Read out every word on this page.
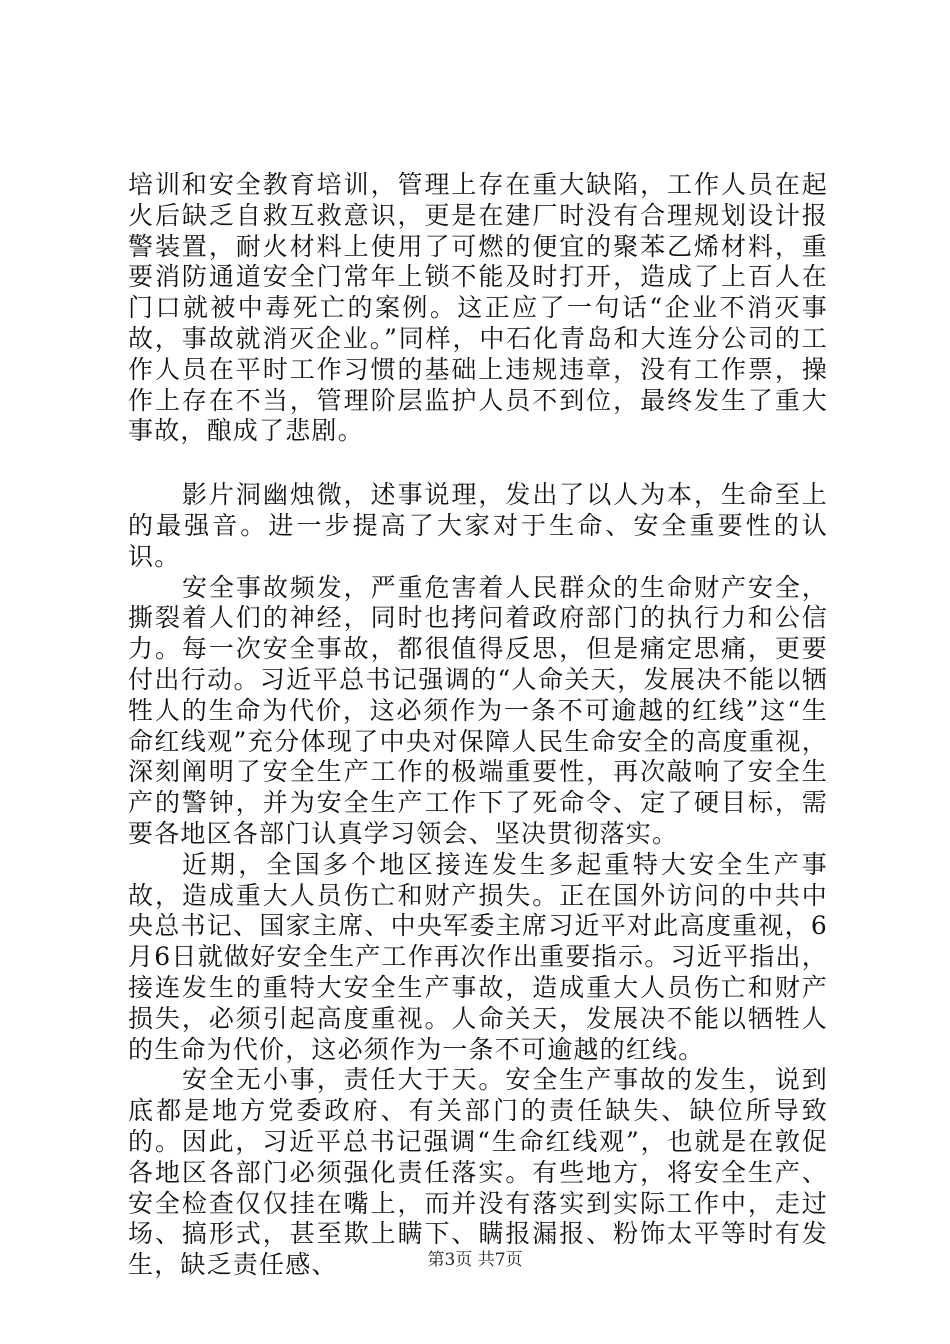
培训和安全教育培训，管理上存在重大缺陷，工作人员在起火后缺乏自救互救意识，更是在建厂时没有合理规划设计报警装置，耐火材料上使用了可燃的便宜的聚苯乙烯材料，重要消防通道安全门常年上锁不能及时打开，造成了上百人在门口就被中毒死亡的案例。这正应了一句话“企业不消灭事故，事故就消灭企业。”同样，中石化青岛和大连分公司的工作人员在平时工作习惯的基础上违规违章，没有工作票，操作上存在不当，管理阶层监护人员不到位，最终发生了重大事故，酿成了悲剧。

影片洞幽烛微，述事说理，发出了以人为本，生命至上的最强音。进一步提高了大家对于生命、安全重要性的认识。

安全事故频发，严重危害着人民群众的生命财产安全，撕裂着人们的神经，同时也拷问着政府部门的执行力和公信力。每一次安全事故，都很值得反思，但是痛定思痛，更要付出行动。习近平总书记强调的“人命关天，发展决不能以牺牲人的生命为代价，这必须作为一条不可逾越的红线”这“生命红线观”充分体现了中央对保障人民生命安全的高度重视，深刻阐明了安全生产工作的极端重要性，再次敲响了安全生产的警钟，并为安全生产工作下了死命令、定了硬目标，需要各地区各部门认真学习领会、坚决贯彻落实。

近期，全国多个地区接连发生多起重特大安全生产事故，造成重大人员伤亡和财产损失。正在国外访问的中共中央总书记、国家主席、中央军委主席习近平对此高度重视，6月6日就做好安全生产工作再次作出重要指示。习近平指出，接连发生的重特大安全生产事故，造成重大人员伤亡和财产损失，必须引起高度重视。人命关天，发展决不能以牺牲人的生命为代价，这必须作为一条不可逾越的红线。

安全无小事，责任大于天。安全生产事故的发生，说到底都是地方党委政府、有关部门的责任缺失、缺位所导致的。因此，习近平总书记强调“生命红线观”，也就是在敦促各地区各部门必须强化责任落实。有些地方，将安全生产、安全检查仅仅挂在嘴上，而并没有落实到实际工作中，走过场、搞形式，甚至欺上瞒下、瞒报漏报、粉饰太平等时有发生，缺乏责任感、	第3页 共7页
